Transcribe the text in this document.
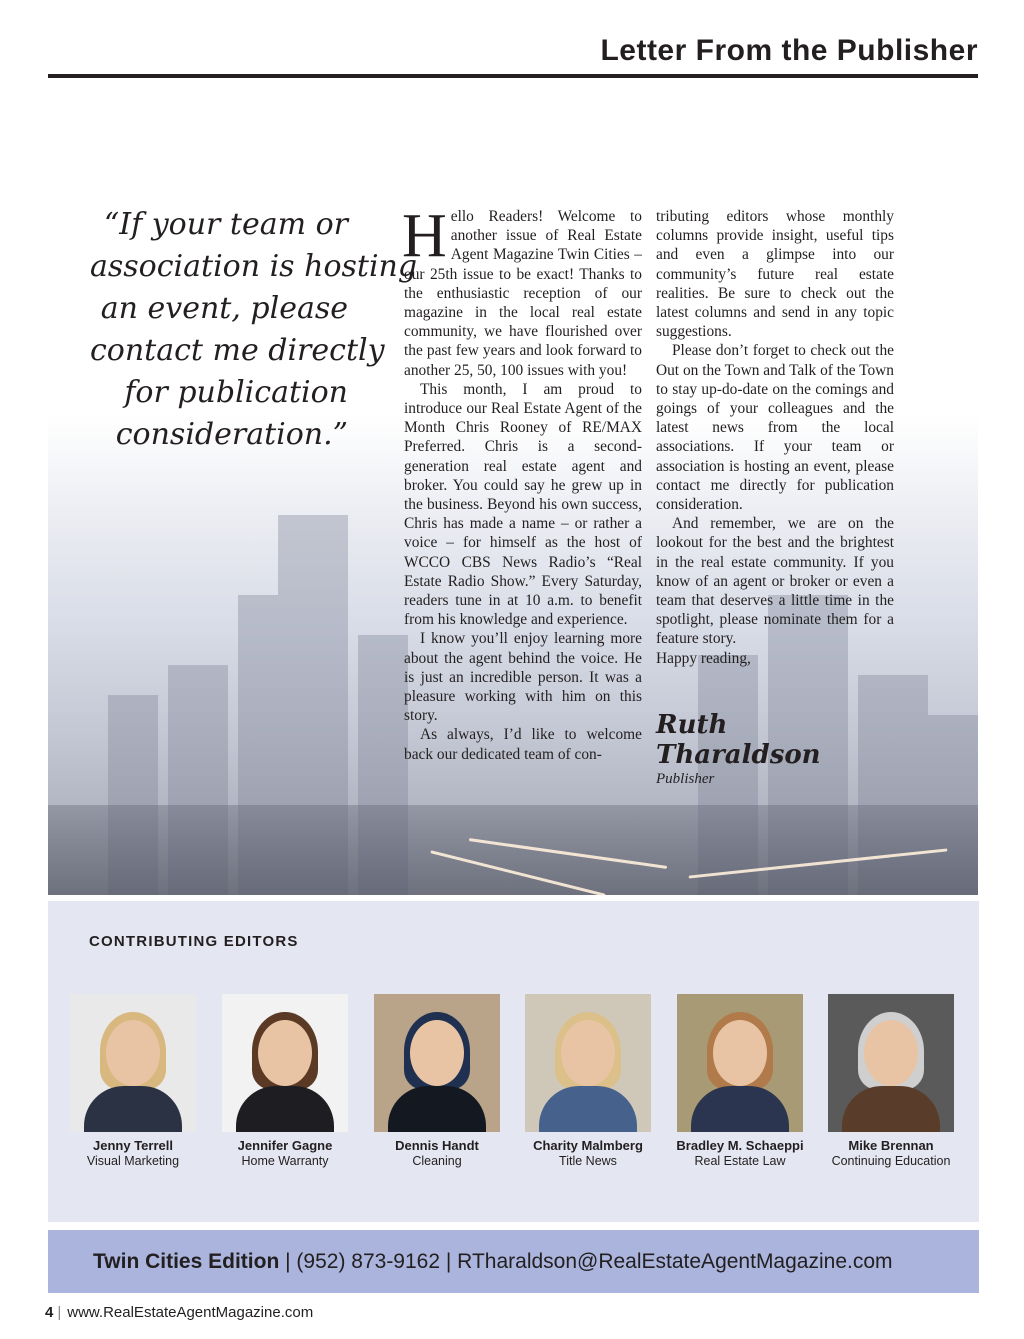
Letter From the Publisher
“If your team or
association is hosting
an event, please
contact me directly
for publication
consideration.”

Hello Readers! Welcome to another issue of Real Estate Agent Magazine Twin Cities – our 25th issue to be exact! Thanks to the enthusiastic reception of our magazine in the local real estate community, we have flourished over the past few years and look forward to another 25, 50, 100 issues with you!

This month, I am proud to introduce our Real Estate Agent of the Month Chris Rooney of RE/MAX Preferred. Chris is a second-generation real estate agent and broker. You could say he grew up in the business. Beyond his own success, Chris has made a name – or rather a voice – for himself as the host of WCCO CBS News Radio’s “Real Estate Radio Show.” Every Saturday, readers tune in at 10 a.m. to benefit from his knowledge and experience.

I know you’ll enjoy learning more about the agent behind the voice. He is just an incredible person. It was a pleasure working with him on this story.

As always, I’d like to welcome back our dedicated team of con-

tributing editors whose monthly columns provide insight, useful tips and even a glimpse into our community’s future real estate realities. Be sure to check out the latest columns and send in any topic suggestions.

Please don’t forget to check out the Out on the Town and Talk of the Town to stay up-do-date on the comings and goings of your colleagues and the latest news from the local associations. If your team or association is hosting an event, please contact me directly for publication consideration.

And remember, we are on the lookout for the best and the brightest in the real estate community. If you know of an agent or broker or even a team that deserves a little time in the spotlight, please nominate them for a feature story.

Happy reading,

Ruth Tharaldson
Publisher
CONTRIBUTING EDITORS
Jenny Terrell
Visual Marketing
Jennifer Gagne
Home Warranty
Dennis Handt
Cleaning
Charity Malmberg
Title News
Bradley M. Schaeppi
Real Estate Law
Mike Brennan
Continuing Education
Twin Cities Edition | (952) 873-9162 | RTharaldson@RealEstateAgentMagazine.com
4 | www.RealEstateAgentMagazine.com
